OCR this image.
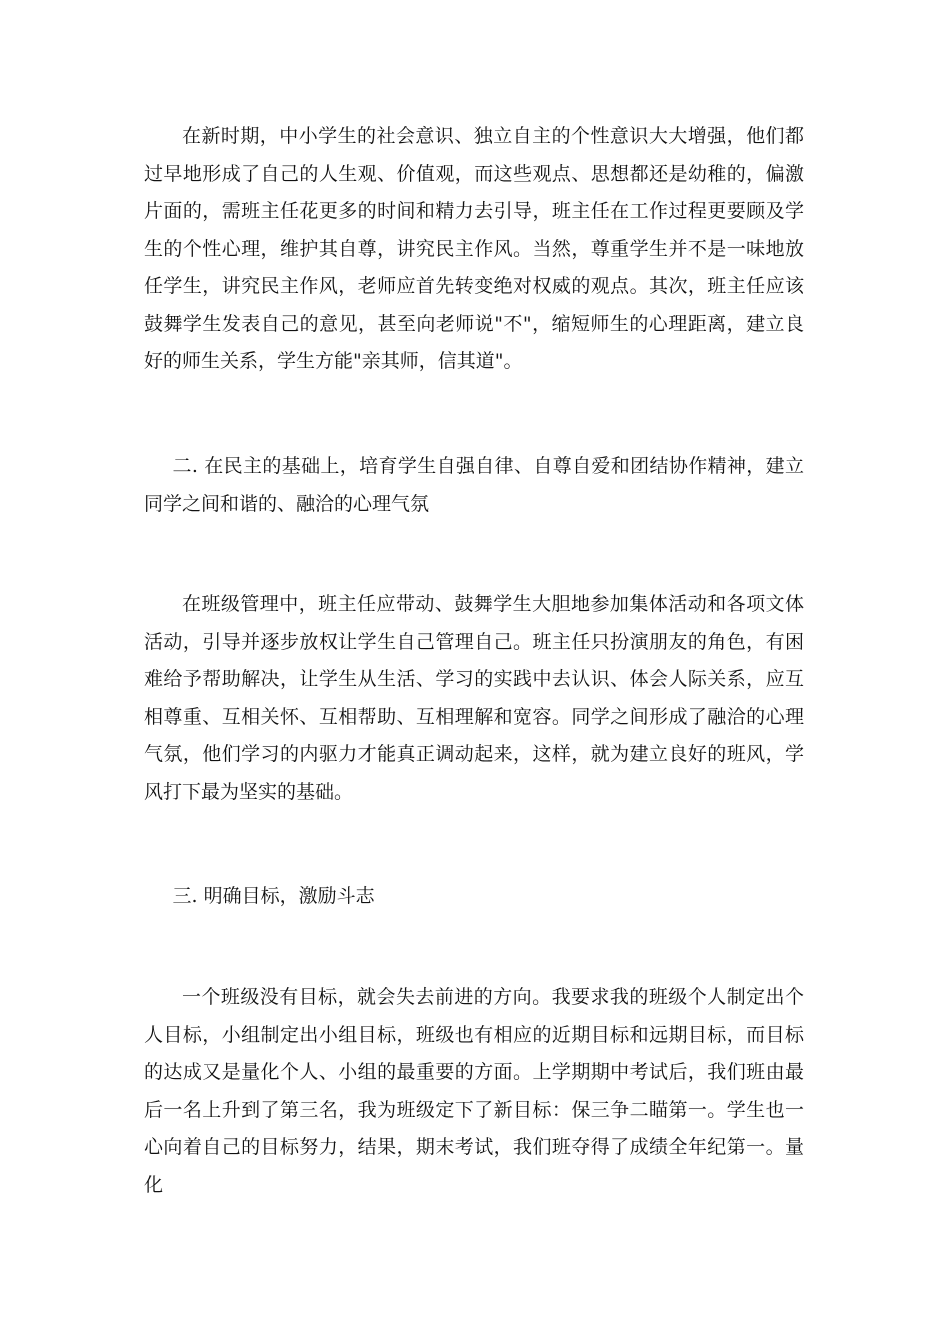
在新时期，中小学生的社会意识、独立自主的个性意识大大增强，他们都过早地形成了自己的人生观、价值观，而这些观点、思想都还是幼稚的，偏激片面的，需班主任花更多的时间和精力去引导，班主任在工作过程更要顾及学生的个性心理，维护其自尊，讲究民主作风。当然，尊重学生并不是一味地放任学生，讲究民主作风，老师应首先转变绝对权威的观点。其次，班主任应该鼓舞学生发表自己的意见，甚至向老师说"不"，缩短师生的心理距离，建立良好的师生关系，学生方能"亲其师，信其道"。

二. 在民主的基础上，培育学生自强自律、自尊自爱和团结协作精神，建立同学之间和谐的、融洽的心理气氛

在班级管理中，班主任应带动、鼓舞学生大胆地参加集体活动和各项文体活动，引导并逐步放权让学生自己管理自己。班主任只扮演朋友的角色，有困难给予帮助解决，让学生从生活、学习的实践中去认识、体会人际关系，应互相尊重、互相关怀、互相帮助、互相理解和宽容。同学之间形成了融洽的心理气氛，他们学习的内驱力才能真正调动起来，这样，就为建立良好的班风，学风打下最为坚实的基础。

三. 明确目标，激励斗志

一个班级没有目标，就会失去前进的方向。我要求我的班级个人制定出个人目标，小组制定出小组目标，班级也有相应的近期目标和远期目标，而目标的达成又是量化个人、小组的最重要的方面。上学期期中考试后，我们班由最后一名上升到了第三名，我为班级定下了新目标：保三争二瞄第一。学生也一心向着自己的目标努力，结果，期末考试，我们班夺得了成绩全年纪第一。量化
